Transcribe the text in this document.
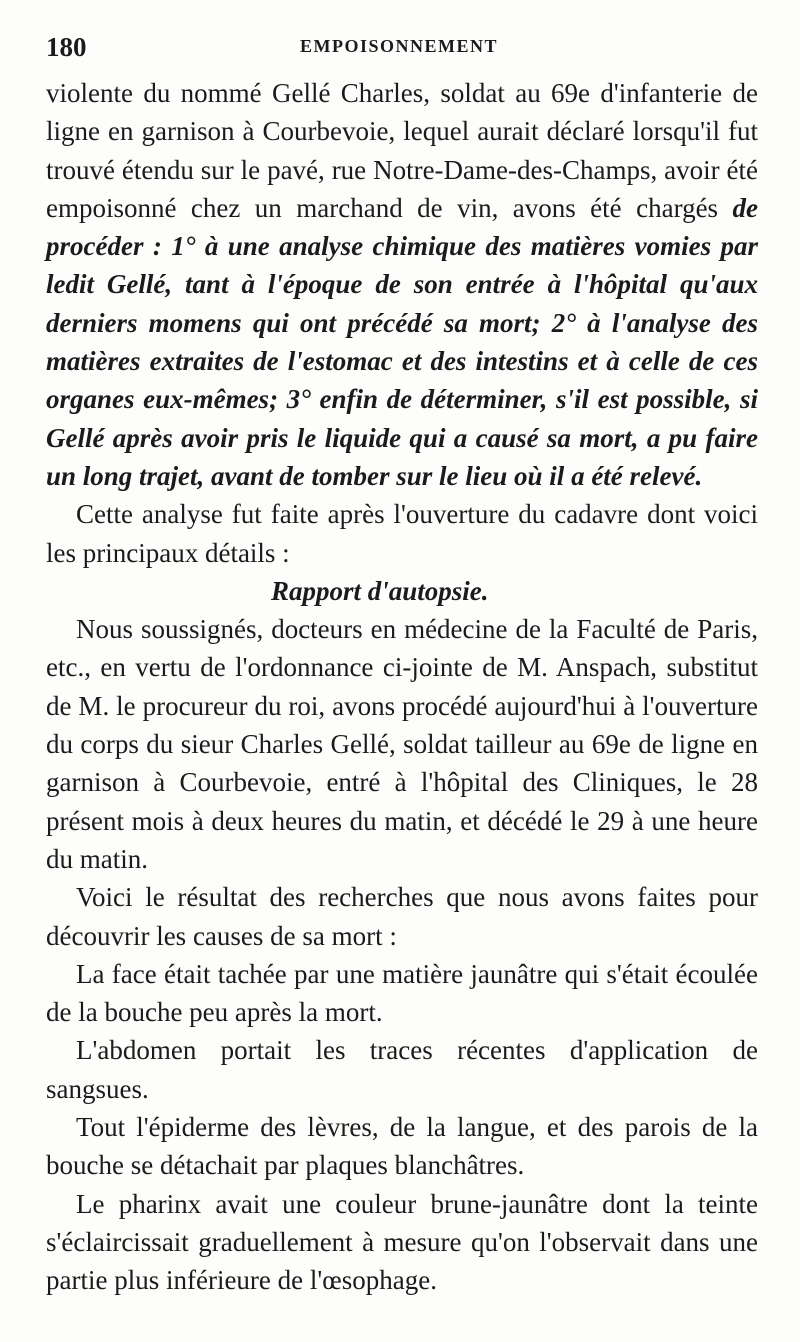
180	EMPOISONNEMENT

violente du nommé Gellé Charles, soldat au 69e d'infanterie de ligne en garnison à Courbevoie, lequel aurait déclaré lorsqu'il fut trouvé étendu sur le pavé, rue Notre-Dame-des-Champs, avoir été empoisonné chez un marchand de vin, avons été chargés de procéder : 1° à une analyse chimique des matières vomies par ledit Gellé, tant à l'époque de son entrée à l'hôpital qu'aux derniers momens qui ont précédé sa mort; 2° à l'analyse des matières extraites de l'estomac et des intestins et à celle de ces organes eux-mêmes; 3° enfin de déterminer, s'il est possible, si Gellé après avoir pris le liquide qui a causé sa mort, a pu faire un long trajet, avant de tomber sur le lieu où il a été relevé.

Cette analyse fut faite après l'ouverture du cadavre dont voici les principaux détails :

Rapport d'autopsie.

Nous soussignés, docteurs en médecine de la Faculté de Paris, etc., en vertu de l'ordonnance ci-jointe de M. Anspach, substitut de M. le procureur du roi, avons procédé aujourd'hui à l'ouverture du corps du sieur Charles Gellé, soldat tailleur au 69e de ligne en garnison à Courbevoie, entré à l'hôpital des Cliniques, le 28 présent mois à deux heures du matin, et décédé le 29 à une heure du matin.

Voici le résultat des recherches que nous avons faites pour découvrir les causes de sa mort :

La face était tachée par une matière jaunâtre qui s'était écoulée de la bouche peu après la mort.

L'abdomen portait les traces récentes d'application de sangsues.

Tout l'épiderme des lèvres, de la langue, et des parois de la bouche se détachait par plaques blanchâtres.

Le pharinx avait une couleur brune-jaunâtre dont la teinte s'éclaircissait graduellement à mesure qu'on l'observait dans une partie plus inférieure de l'œsophage.
